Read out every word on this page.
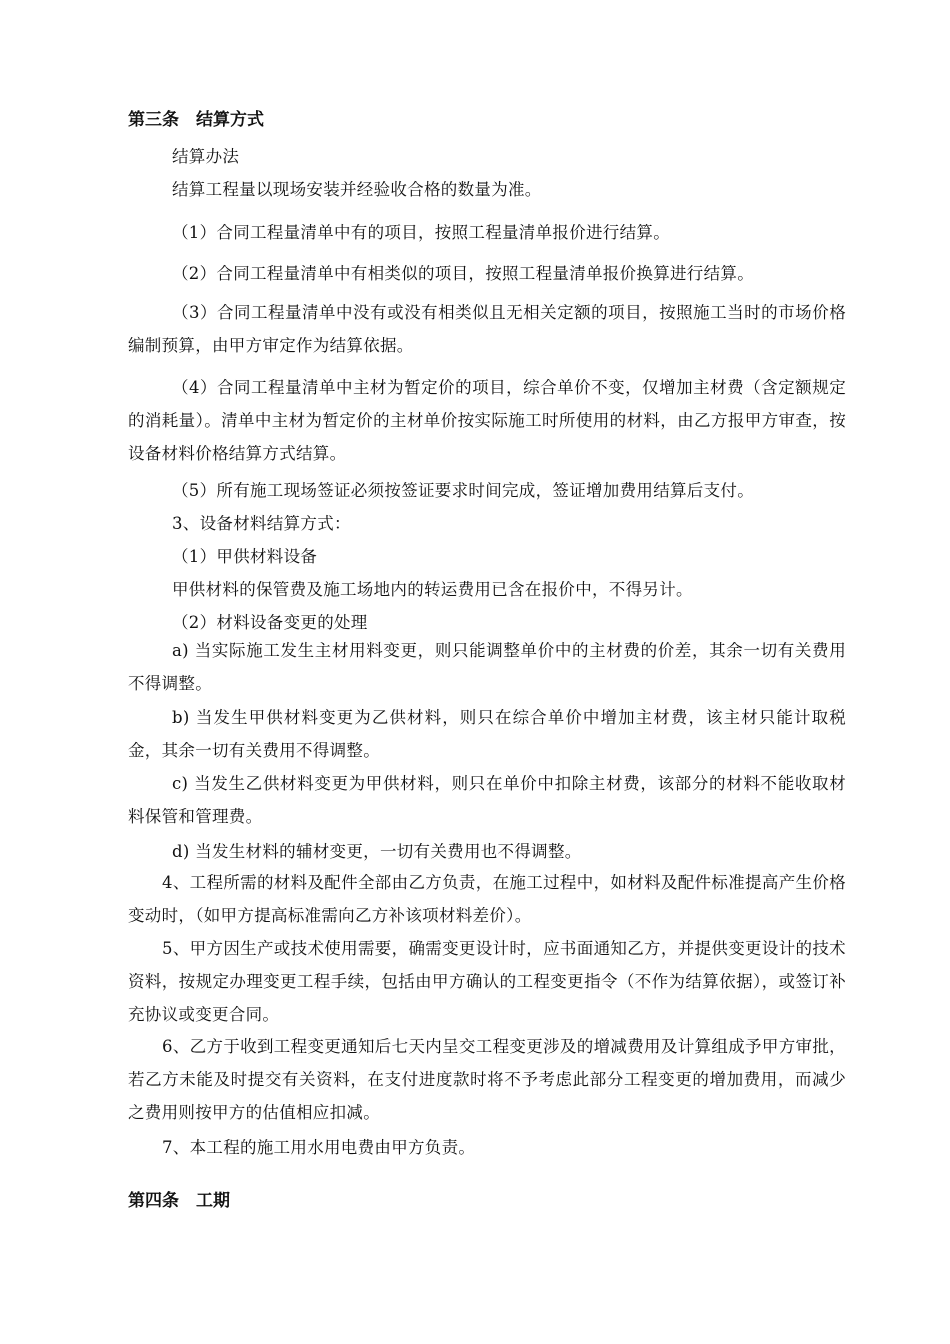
第三条　结算方式
结算办法
结算工程量以现场安装并经验收合格的数量为准。
（1）合同工程量清单中有的项目，按照工程量清单报价进行结算。
（2）合同工程量清单中有相类似的项目，按照工程量清单报价换算进行结算。
（3）合同工程量清单中没有或没有相类似且无相关定额的项目，按照施工当时的市场价格编制预算，由甲方审定作为结算依据。
（4）合同工程量清单中主材为暂定价的项目，综合单价不变，仅增加主材费（含定额规定的消耗量）。清单中主材为暂定价的主材单价按实际施工时所使用的材料，由乙方报甲方审查，按设备材料价格结算方式结算。
（5）所有施工现场签证必须按签证要求时间完成，签证增加费用结算后支付。
3、设备材料结算方式：
（1）甲供材料设备
甲供材料的保管费及施工场地内的转运费用已含在报价中，不得另计。
（2）材料设备变更的处理
a) 当实际施工发生主材用料变更，则只能调整单价中的主材费的价差，其余一切有关费用不得调整。
b) 当发生甲供材料变更为乙供材料，则只在综合单价中增加主材费，该主材只能计取税金，其余一切有关费用不得调整。
c) 当发生乙供材料变更为甲供材料，则只在单价中扣除主材费，该部分的材料不能收取材料保管和管理费。
d) 当发生材料的辅材变更，一切有关费用也不得调整。
4、工程所需的材料及配件全部由乙方负责，在施工过程中，如材料及配件标准提高产生价格变动时，（如甲方提高标准需向乙方补该项材料差价）。
5、甲方因生产或技术使用需要，确需变更设计时，应书面通知乙方，并提供变更设计的技术资料，按规定办理变更工程手续，包括由甲方确认的工程变更指令（不作为结算依据），或签订补充协议或变更合同。
6、乙方于收到工程变更通知后七天内呈交工程变更涉及的增减费用及计算组成予甲方审批，若乙方未能及时提交有关资料，在支付进度款时将不予考虑此部分工程变更的增加费用，而减少之费用则按甲方的估值相应扣减。
7、本工程的施工用水用电费由甲方负责。
第四条　工期
